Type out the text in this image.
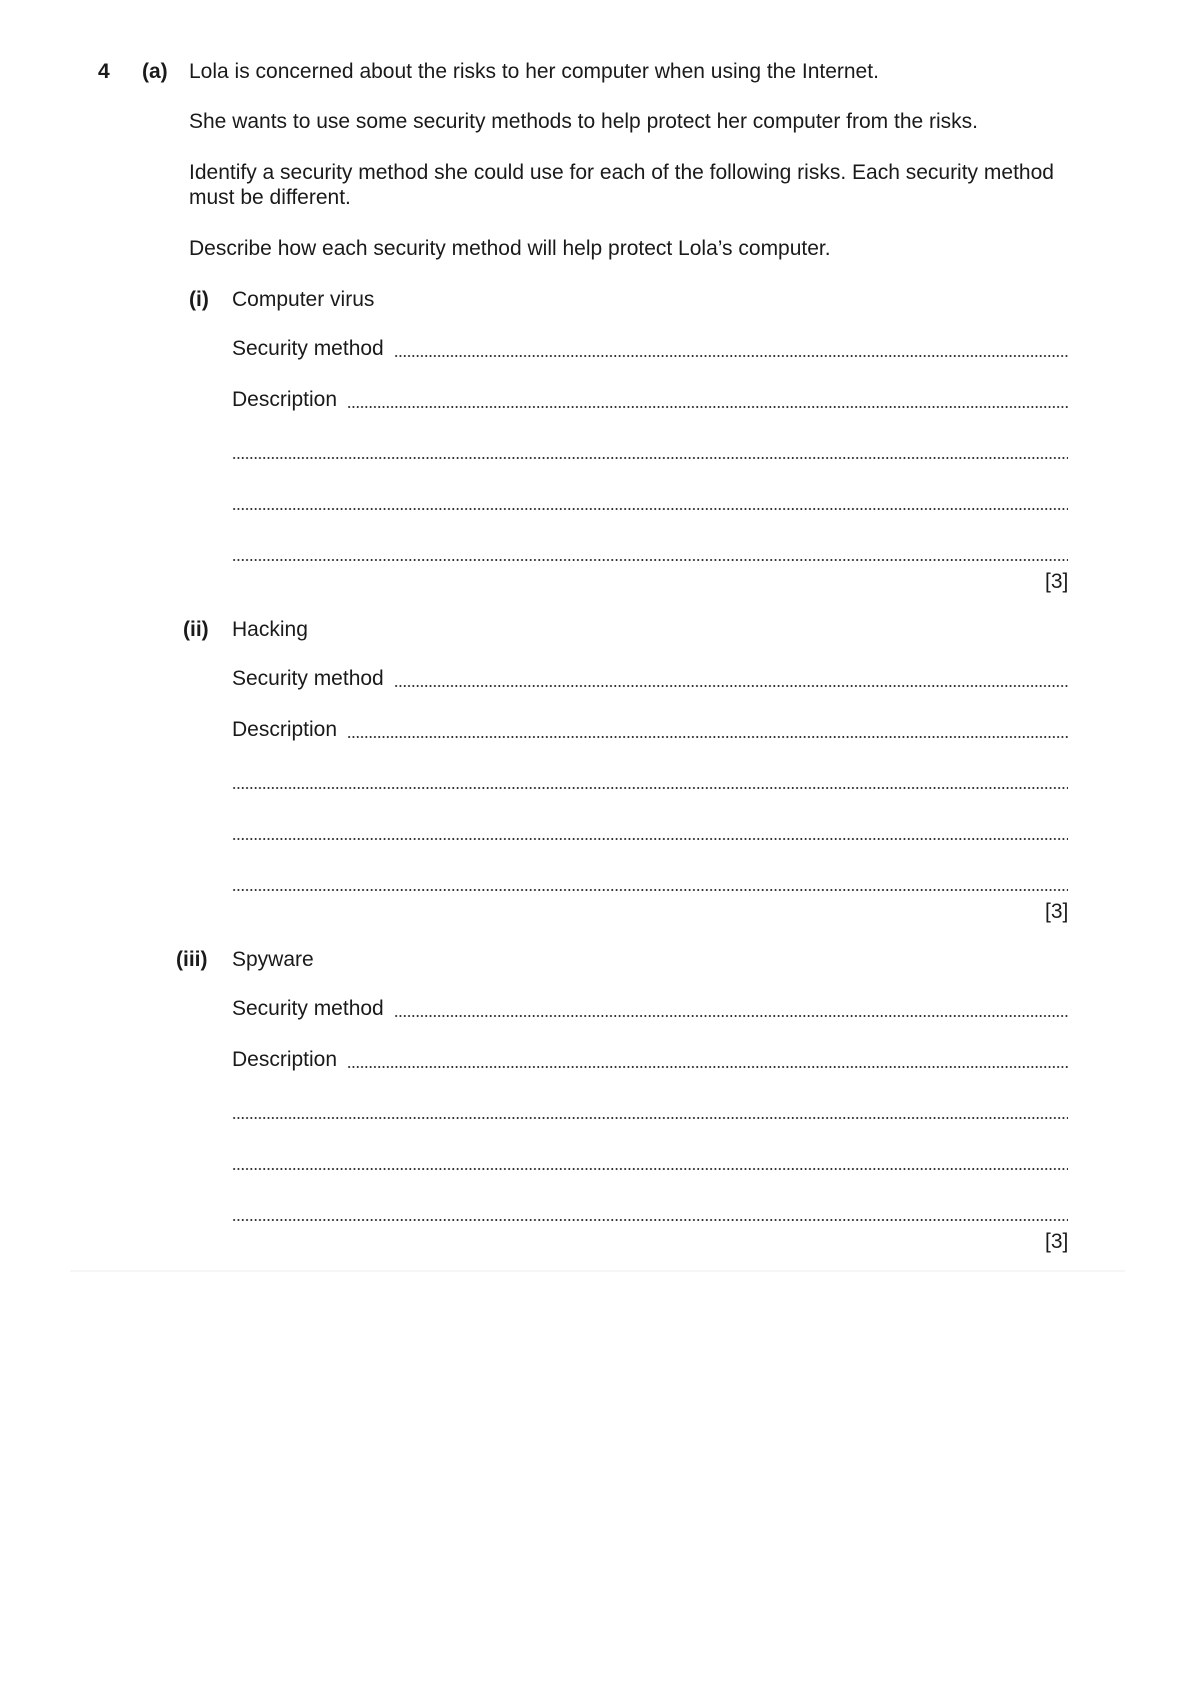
4 (a) Lola is concerned about the risks to her computer when using the Internet.
She wants to use some security methods to help protect her computer from the risks.
Identify a security method she could use for each of the following risks. Each security method must be different.
Describe how each security method will help protect Lola’s computer.
(i) Computer virus
Security method
Description
[3]
(ii) Hacking
Security method
Description
[3]
(iii) Spyware
Security method
Description
[3]
